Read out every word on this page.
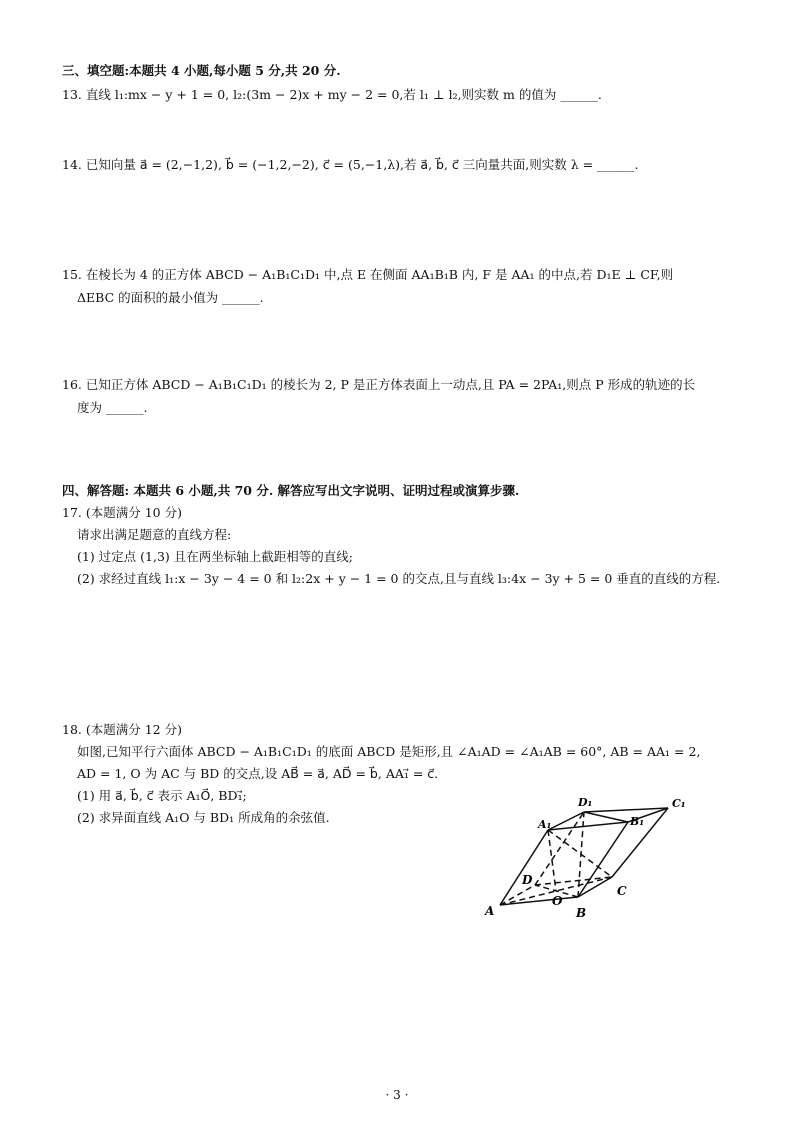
三、填空题:本题共 4 小题,每小题 5 分,共 20 分.
13. 直线 l₁:mx − y + 1 = 0, l₂:(3m − 2)x + my − 2 = 0,若 l₁ ⊥ l₂,则实数 m 的值为 ______.
14. 已知向量 a⃗ = (2,−1,2), b⃗ = (−1,2,−2), c⃗ = (5,−1,λ),若 a⃗, b⃗, c⃗ 三向量共面,则实数 λ = ______.
15. 在棱长为 4 的正方体 ABCD − A₁B₁C₁D₁ 中,点 E 在侧面 AA₁B₁B 内, F 是 AA₁ 的中点,若 D₁E ⊥ CF,则
ΔEBC 的面积的最小值为 ______.
16. 已知正方体 ABCD − A₁B₁C₁D₁ 的棱长为 2, P 是正方体表面上一动点,且 PA = 2PA₁,则点 P 形成的轨迹的长
度为 ______.
四、解答题: 本题共 6 小题,共 70 分. 解答应写出文字说明、证明过程或演算步骤.
17. (本题满分 10 分)
请求出满足题意的直线方程:
(1) 过定点 (1,3) 且在两坐标轴上截距相等的直线;
(2) 求经过直线 l₁:x − 3y − 4 = 0 和 l₂:2x + y − 1 = 0 的交点,且与直线 l₃:4x − 3y + 5 = 0 垂直的直线的方程.
18. (本题满分 12 分)
如图,已知平行六面体 ABCD − A₁B₁C₁D₁ 的底面 ABCD 是矩形,且 ∠A₁AD = ∠A₁AB = 60°, AB = AA₁ = 2,
AD = 1, O 为 AC 与 BD 的交点,设 AB⃗ = a⃗, AD⃗ = b⃗, AA₁⃗ = c⃗.
(1) 用 a⃗, b⃗, c⃗ 表示 A₁O⃗, BD₁⃗;
(2) 求异面直线 A₁O 与 BD₁ 所成角的余弦值.
A	B
C
D
O
A₁	B₁
C₁
D₁
· 3 ·
